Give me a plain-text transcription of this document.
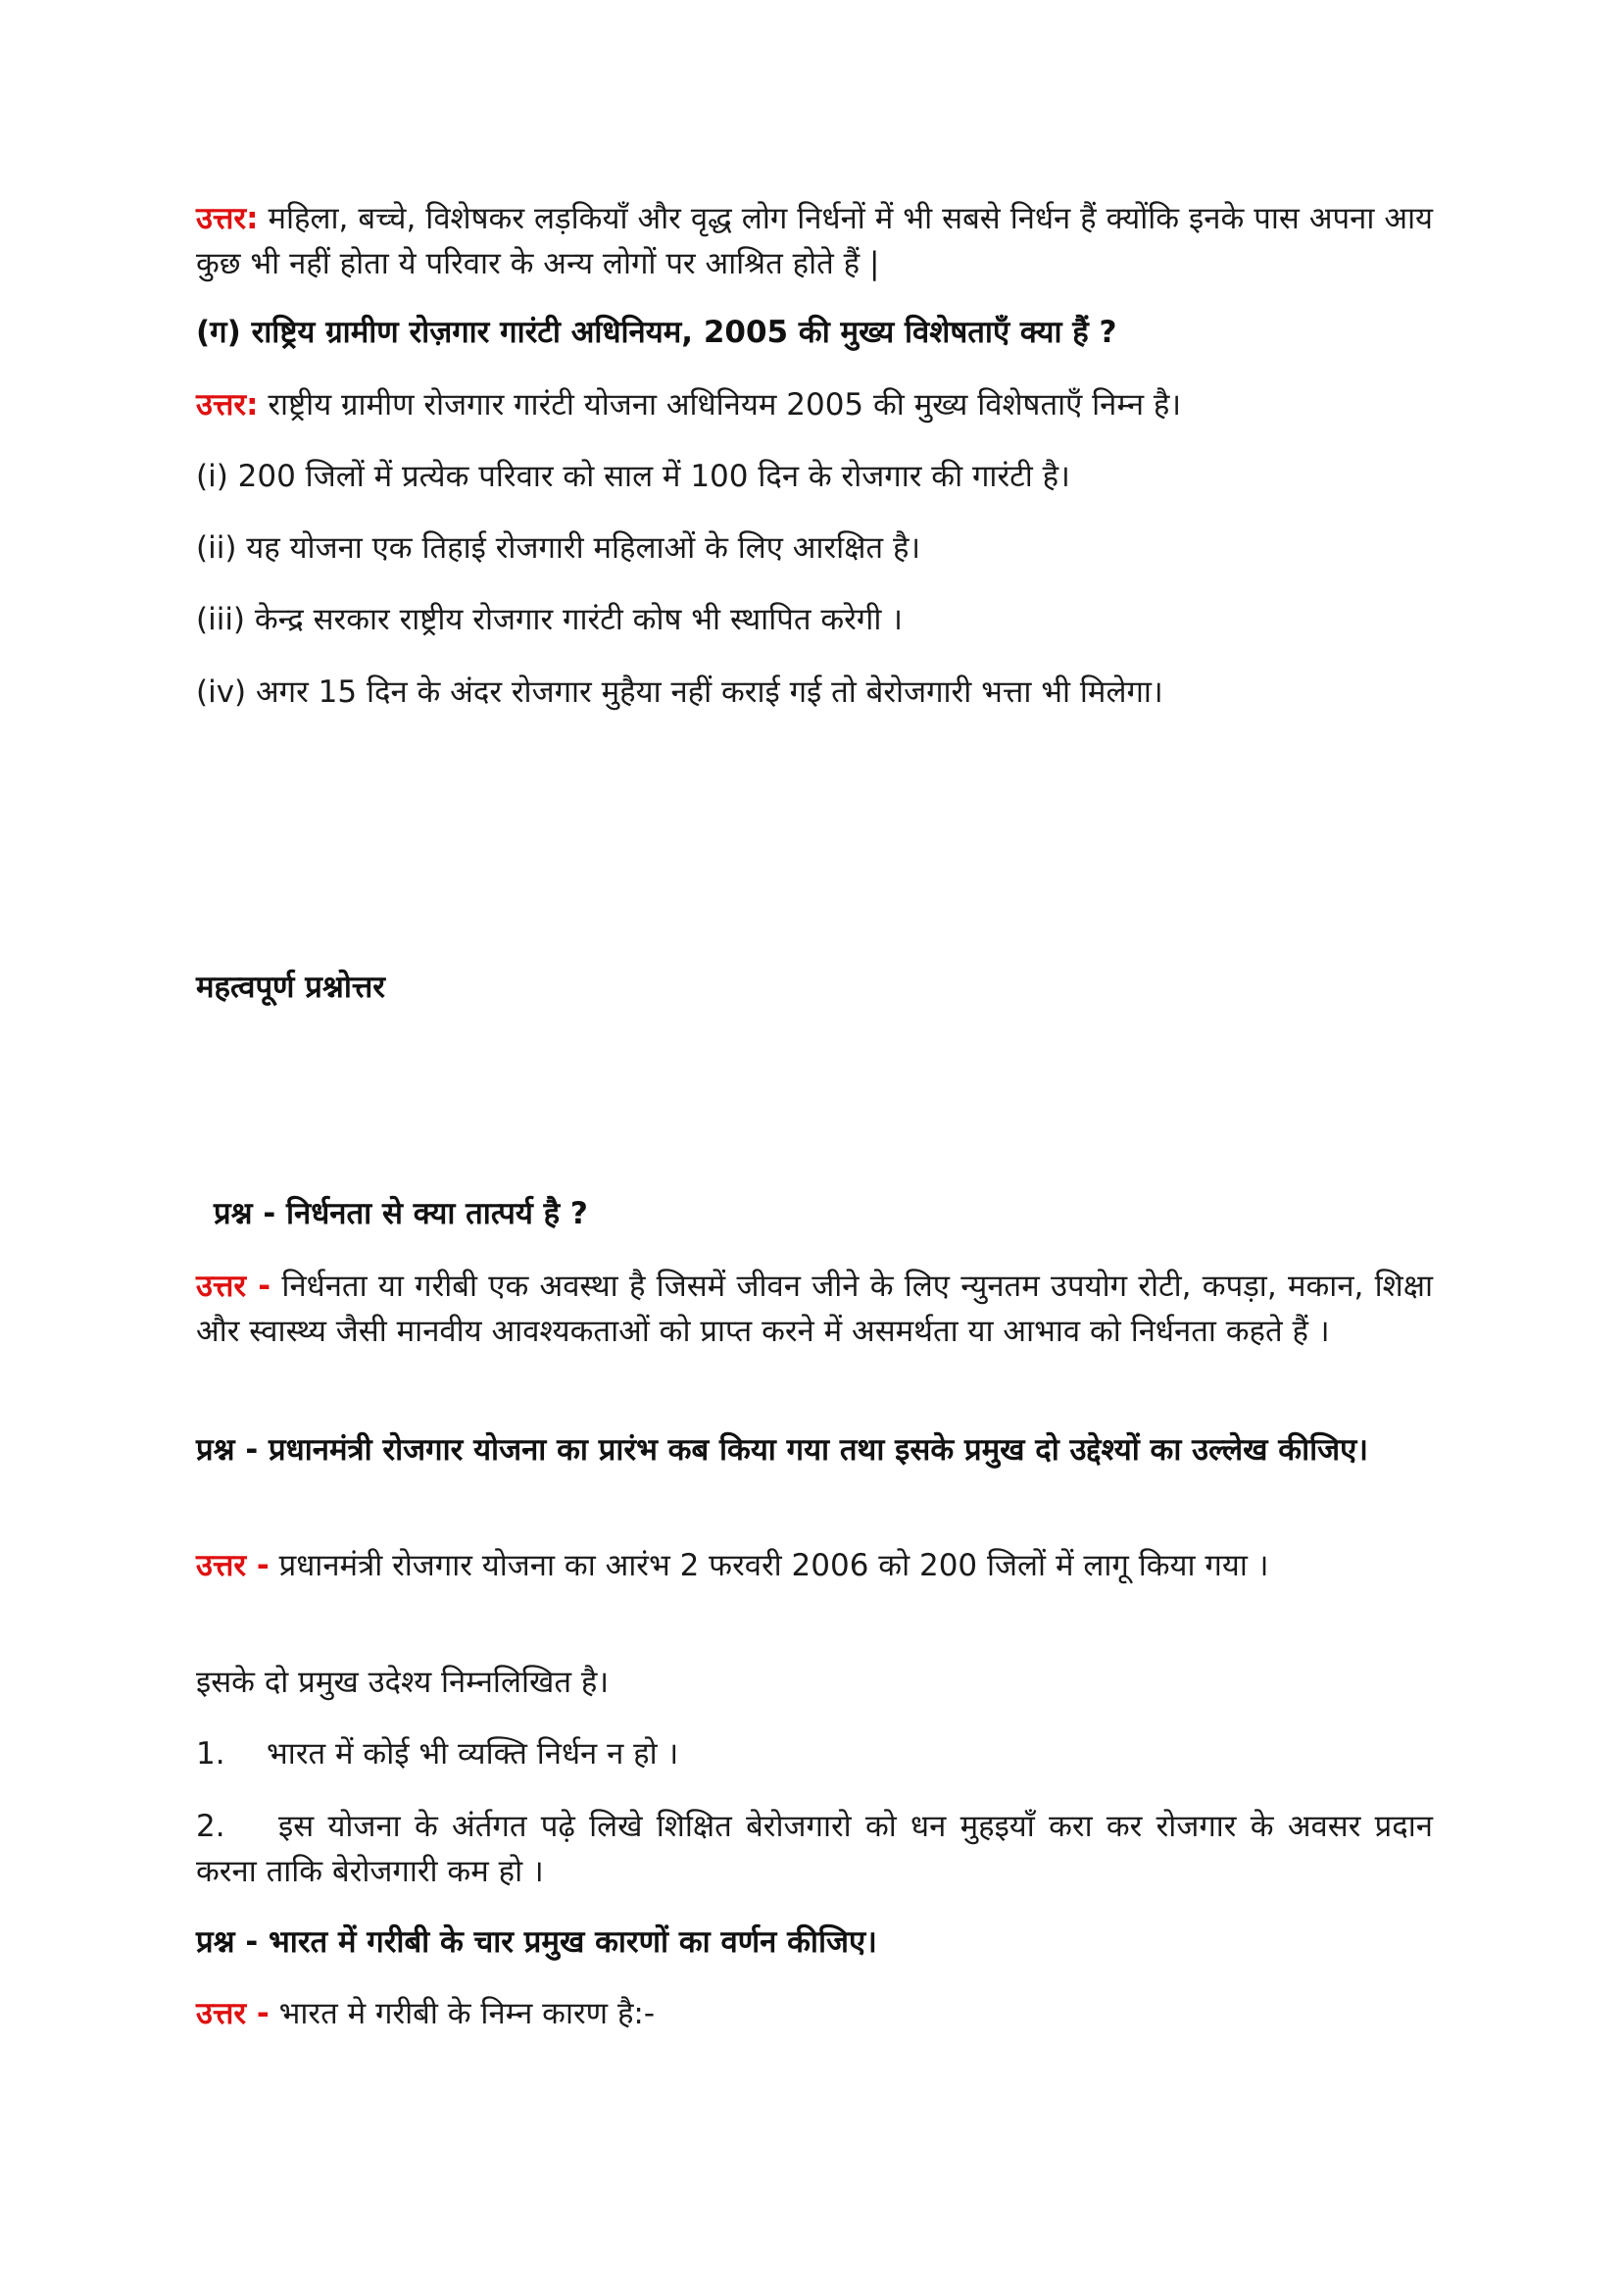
उत्तर: महिला, बच्चे, विशेषकर लड़कियाँ और वृद्ध लोग निर्धनों में भी सबसे निर्धन हैं क्योंकि इनके पास अपना आय कुछ भी नहीं होता ये परिवार के अन्य लोगों पर आश्रित होते हैं |

(ग) राष्ट्रिय ग्रामीण रोज़गार गारंटी अधिनियम, 2005 की मुख्य विशेषताएँ क्या हैं ?

उत्तर: राष्ट्रीय ग्रामीण रोजगार गारंटी योजना अधिनियम 2005 की मुख्य विशेषताएँ निम्न है।

(i) 200 जिलों में प्रत्येक परिवार को साल में 100 दिन के रोजगार की गारंटी है।

(ii) यह योजना एक तिहाई रोजगारी महिलाओं के लिए आरक्षित है।

(iii) केन्द्र सरकार राष्ट्रीय रोजगार गारंटी कोष भी स्थापित करेगी ।

(iv) अगर 15 दिन के अंदर रोजगार मुहैया नहीं कराई गई तो बेरोजगारी भत्ता भी मिलेगा।

महत्वपूर्ण प्रश्नोत्तर

प्रश्न - निर्धनता से क्या तात्पर्य है ?

उत्तर - निर्धनता या गरीबी एक अवस्था है जिसमें जीवन जीने के लिए न्युनतम उपयोग रोटी, कपड़ा, मकान, शिक्षा और स्वास्थ्य जैसी मानवीय आवश्यकताओं को प्राप्त करने में असमर्थता या आभाव को निर्धनता कहते हैं ।

प्रश्न - प्रधानमंत्री रोजगार योजना का प्रारंभ कब किया गया तथा इसके प्रमुख दो उद्देश्यों का उल्लेख कीजिए।

उत्तर - प्रधानमंत्री रोजगार योजना का आरंभ 2 फरवरी 2006 को 200 जिलों में लागू किया गया ।

इसके दो प्रमुख उदेश्य निम्नलिखित है।

1. भारत में कोई भी व्यक्ति निर्धन न हो ।

2. इस योजना के अंर्तगत पढ़े लिखे शिक्षित बेरोजगारो को धन मुहइयाँ करा कर रोजगार के अवसर प्रदान करना ताकि बेरोजगारी कम हो ।

प्रश्न - भारत में गरीबी के चार प्रमुख कारणों का वर्णन कीजिए।

उत्तर - भारत मे गरीबी के निम्न कारण है:-
